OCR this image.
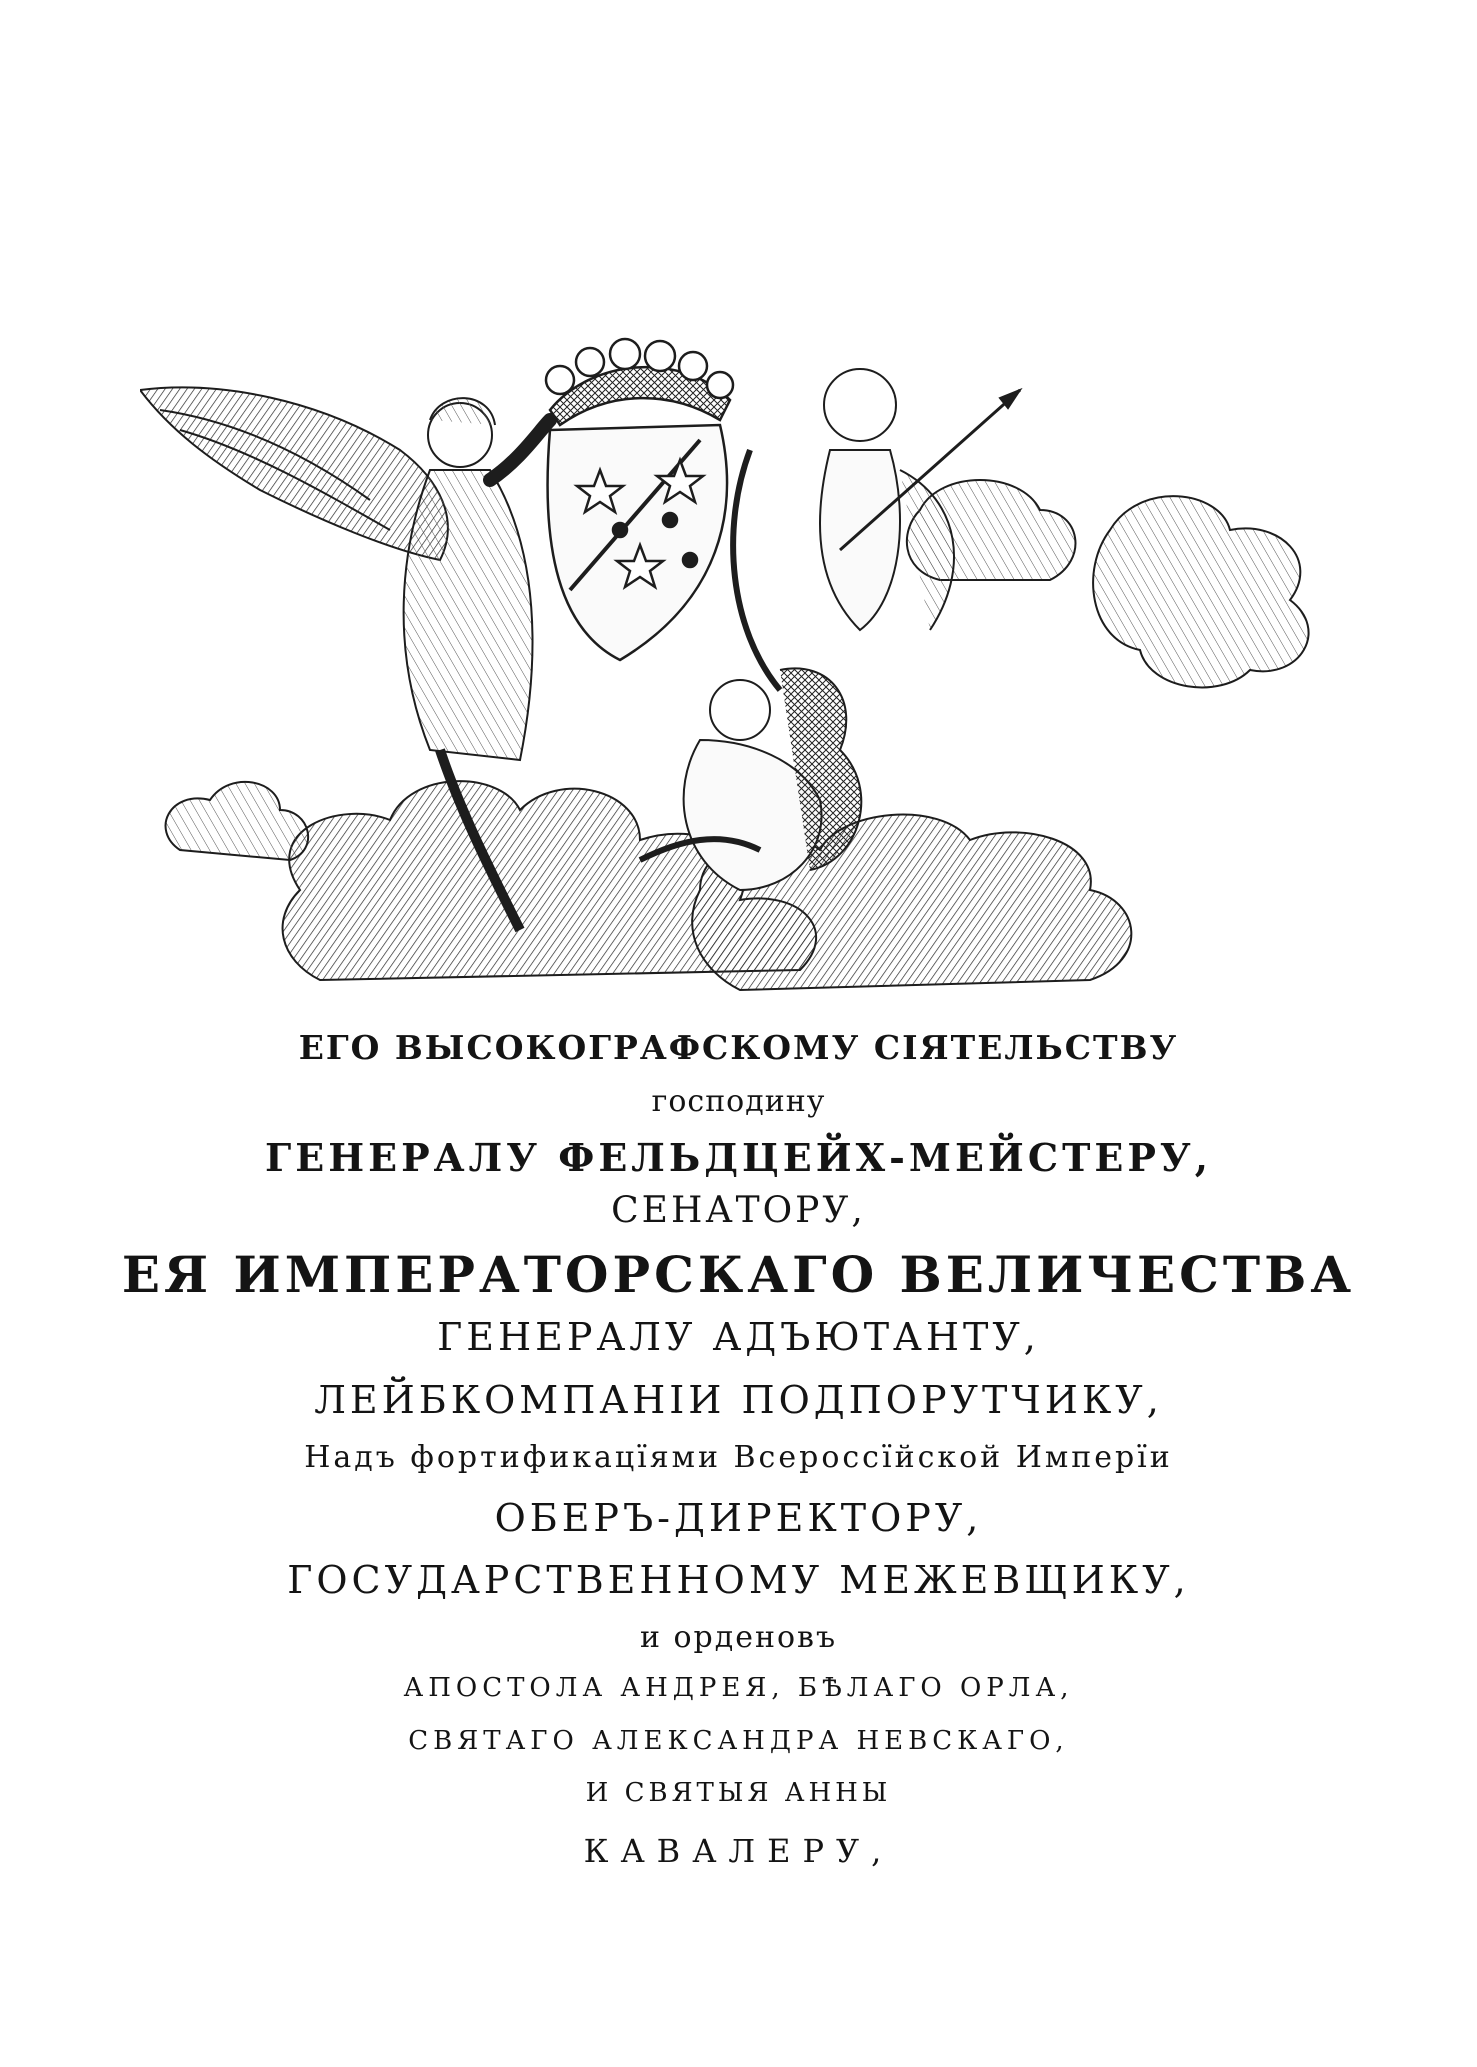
ЕГО ВЫСОКОГРАФСКОМУ СІЯТЕЛЬСТВУ
господину
ГЕНЕРАЛУ ФЕЛЬДЦЕЙХ-МЕЙСТЕРУ,
СЕНАТОРУ,
ЕЯ ИМПЕРАТОРСКАГО ВЕЛИЧЕСТВА
ГЕНЕРАЛУ АДЪЮТАНТУ,
ЛЕЙБКОМПАНІИ ПОДПОРУТЧИКУ,
Надъ фортификацїями Всероссїйской Имперїи
ОБЕРЪ-ДИРЕКТОРУ,
ГОСУДАРСТВЕННОМУ МЕЖЕВЩИКУ,
и орденовъ
АПОСТОЛА АНДРЕЯ, БѢЛАГО ОРЛА,
СВЯТАГО АЛЕКСАНДРА НЕВСКАГО,
И СВЯТЫЯ АННЫ
КАВАЛЕРУ,
